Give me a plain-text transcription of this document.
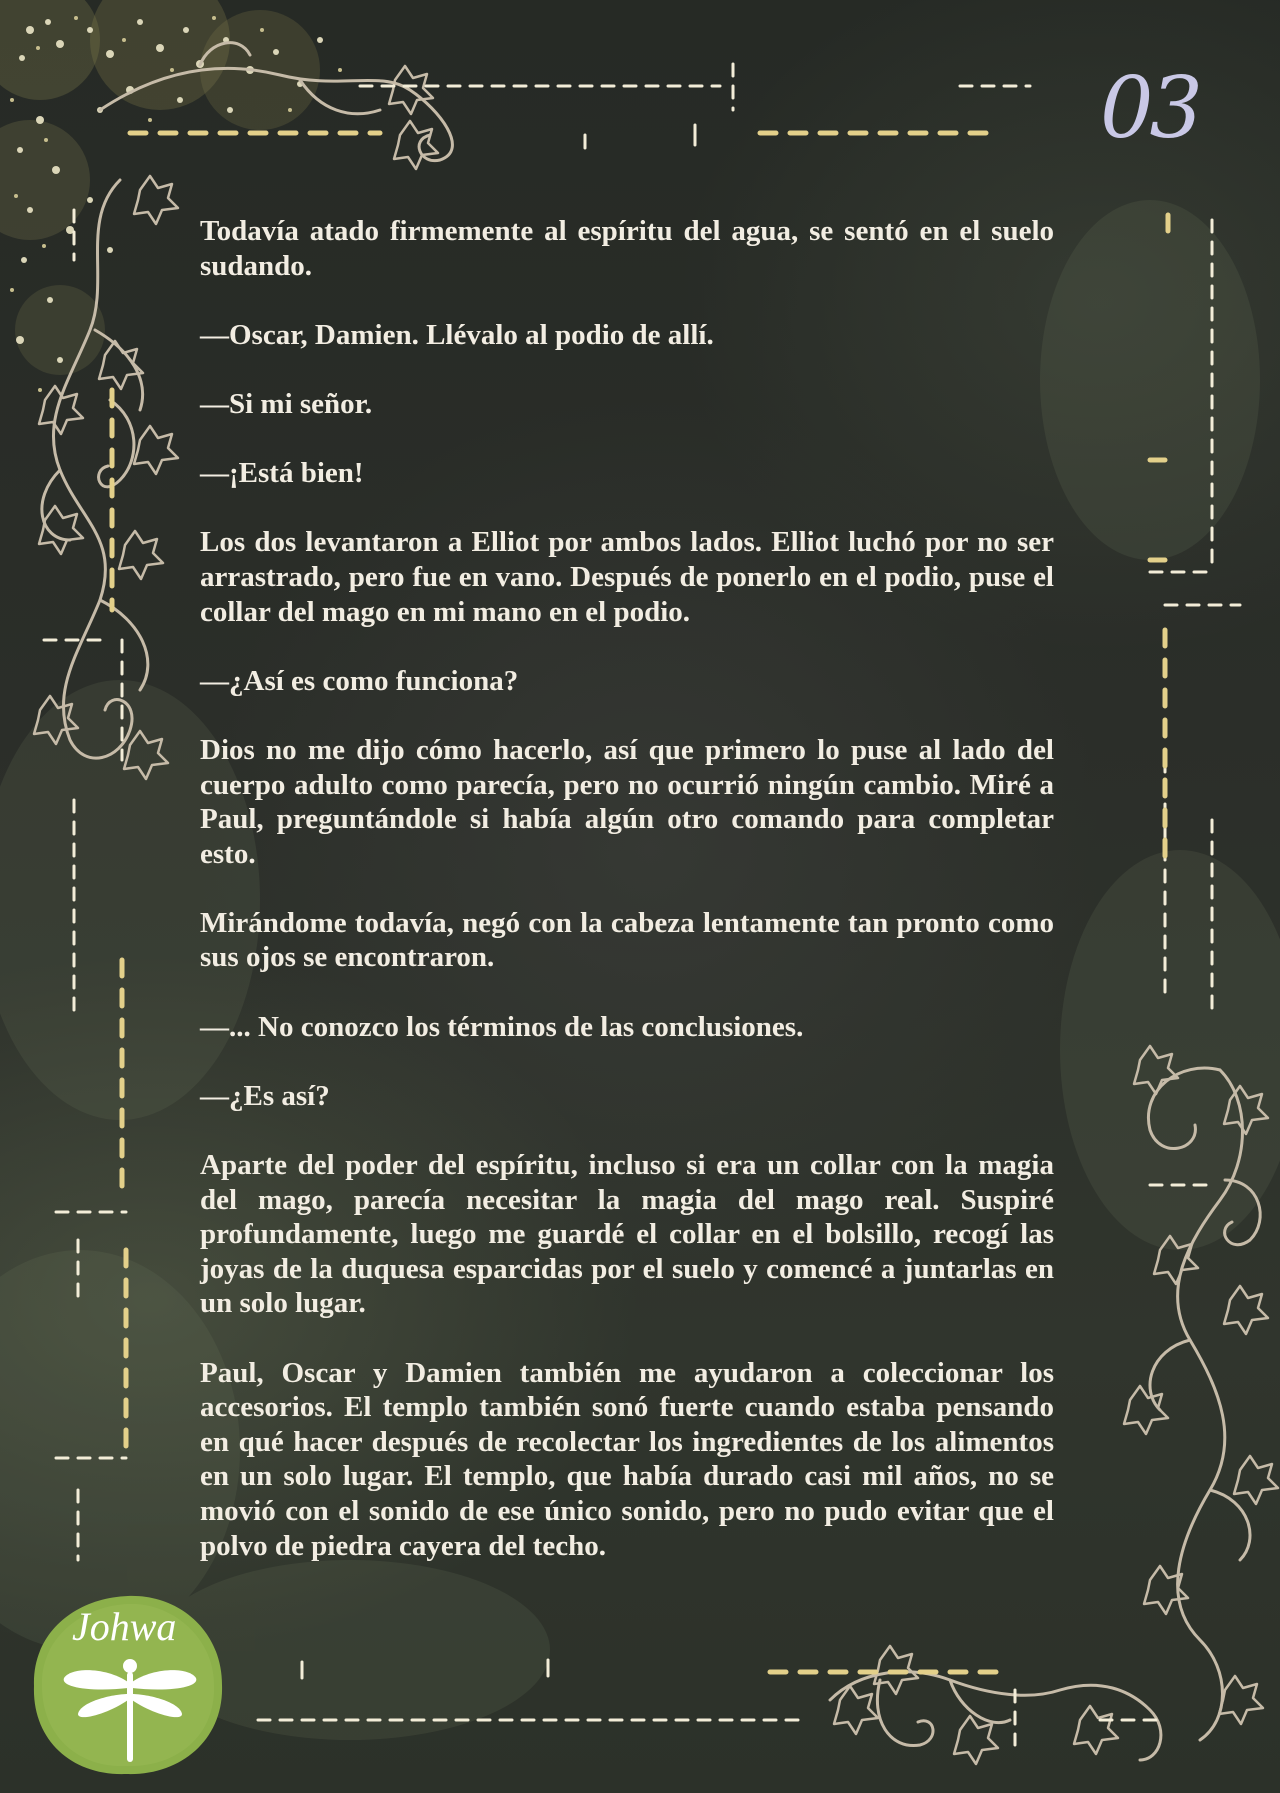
03

Todavía atado firmemente al espíritu del agua, se sentó en el suelo sudando.

—Oscar, Damien. Llévalo al podio de allí.

—Si mi señor.

—¡Está bien!

Los dos levantaron a Elliot por ambos lados. Elliot luchó por no ser arrastrado, pero fue en vano. Después de ponerlo en el podio, puse el collar del mago en mi mano en el podio.

—¿Así es como funciona?

Dios no me dijo cómo hacerlo, así que primero lo puse al lado del cuerpo adulto como parecía, pero no ocurrió ningún cambio. Miré a Paul, preguntándole si había algún otro comando para completar esto.

Mirándome todavía, negó con la cabeza lentamente tan pronto como sus ojos se encontraron.

—... No conozco los términos de las conclusiones.

—¿Es así?

Aparte del poder del espíritu, incluso si era un collar con la magia del mago, parecía necesitar la magia del mago real. Suspiré profundamente, luego me guardé el collar en el bolsillo, recogí las joyas de la duquesa esparcidas por el suelo y comencé a juntarlas en un solo lugar.

Paul, Oscar y Damien también me ayudaron a coleccionar los accesorios. El templo también sonó fuerte cuando estaba pensando en qué hacer después de recolectar los ingredientes de los alimentos en un solo lugar. El templo, que había durado casi mil años, no se movió con el sonido de ese único sonido, pero no pudo evitar que el polvo de piedra cayera del techo.

Johwa
